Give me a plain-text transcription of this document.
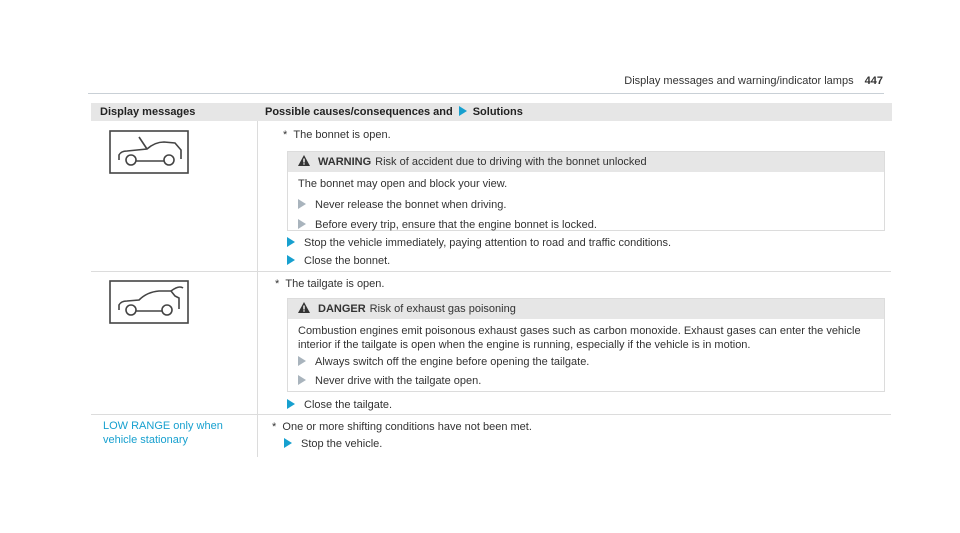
Display messages and warning/indicator lamps 447
Display messages	Possible causes/consequences and Solutions
* The bonnet is open.
WARNING Risk of accident due to driving with the bonnet unlocked
The bonnet may open and block your view.
Never release the bonnet when driving.
Before every trip, ensure that the engine bonnet is locked.
Stop the vehicle immediately, paying attention to road and traffic conditions.
Close the bonnet.
* The tailgate is open.
DANGER Risk of exhaust gas poisoning
Combustion engines emit poisonous exhaust gases such as carbon monoxide. Exhaust gases can enter the vehicle interior if the tailgate is open when the engine is running, especially if the vehicle is in motion.
Always switch off the engine before opening the tailgate.
Never drive with the tailgate open.
Close the tailgate.
LOW RANGE only when
vehicle stationary
* One or more shifting conditions have not been met.
Stop the vehicle.
